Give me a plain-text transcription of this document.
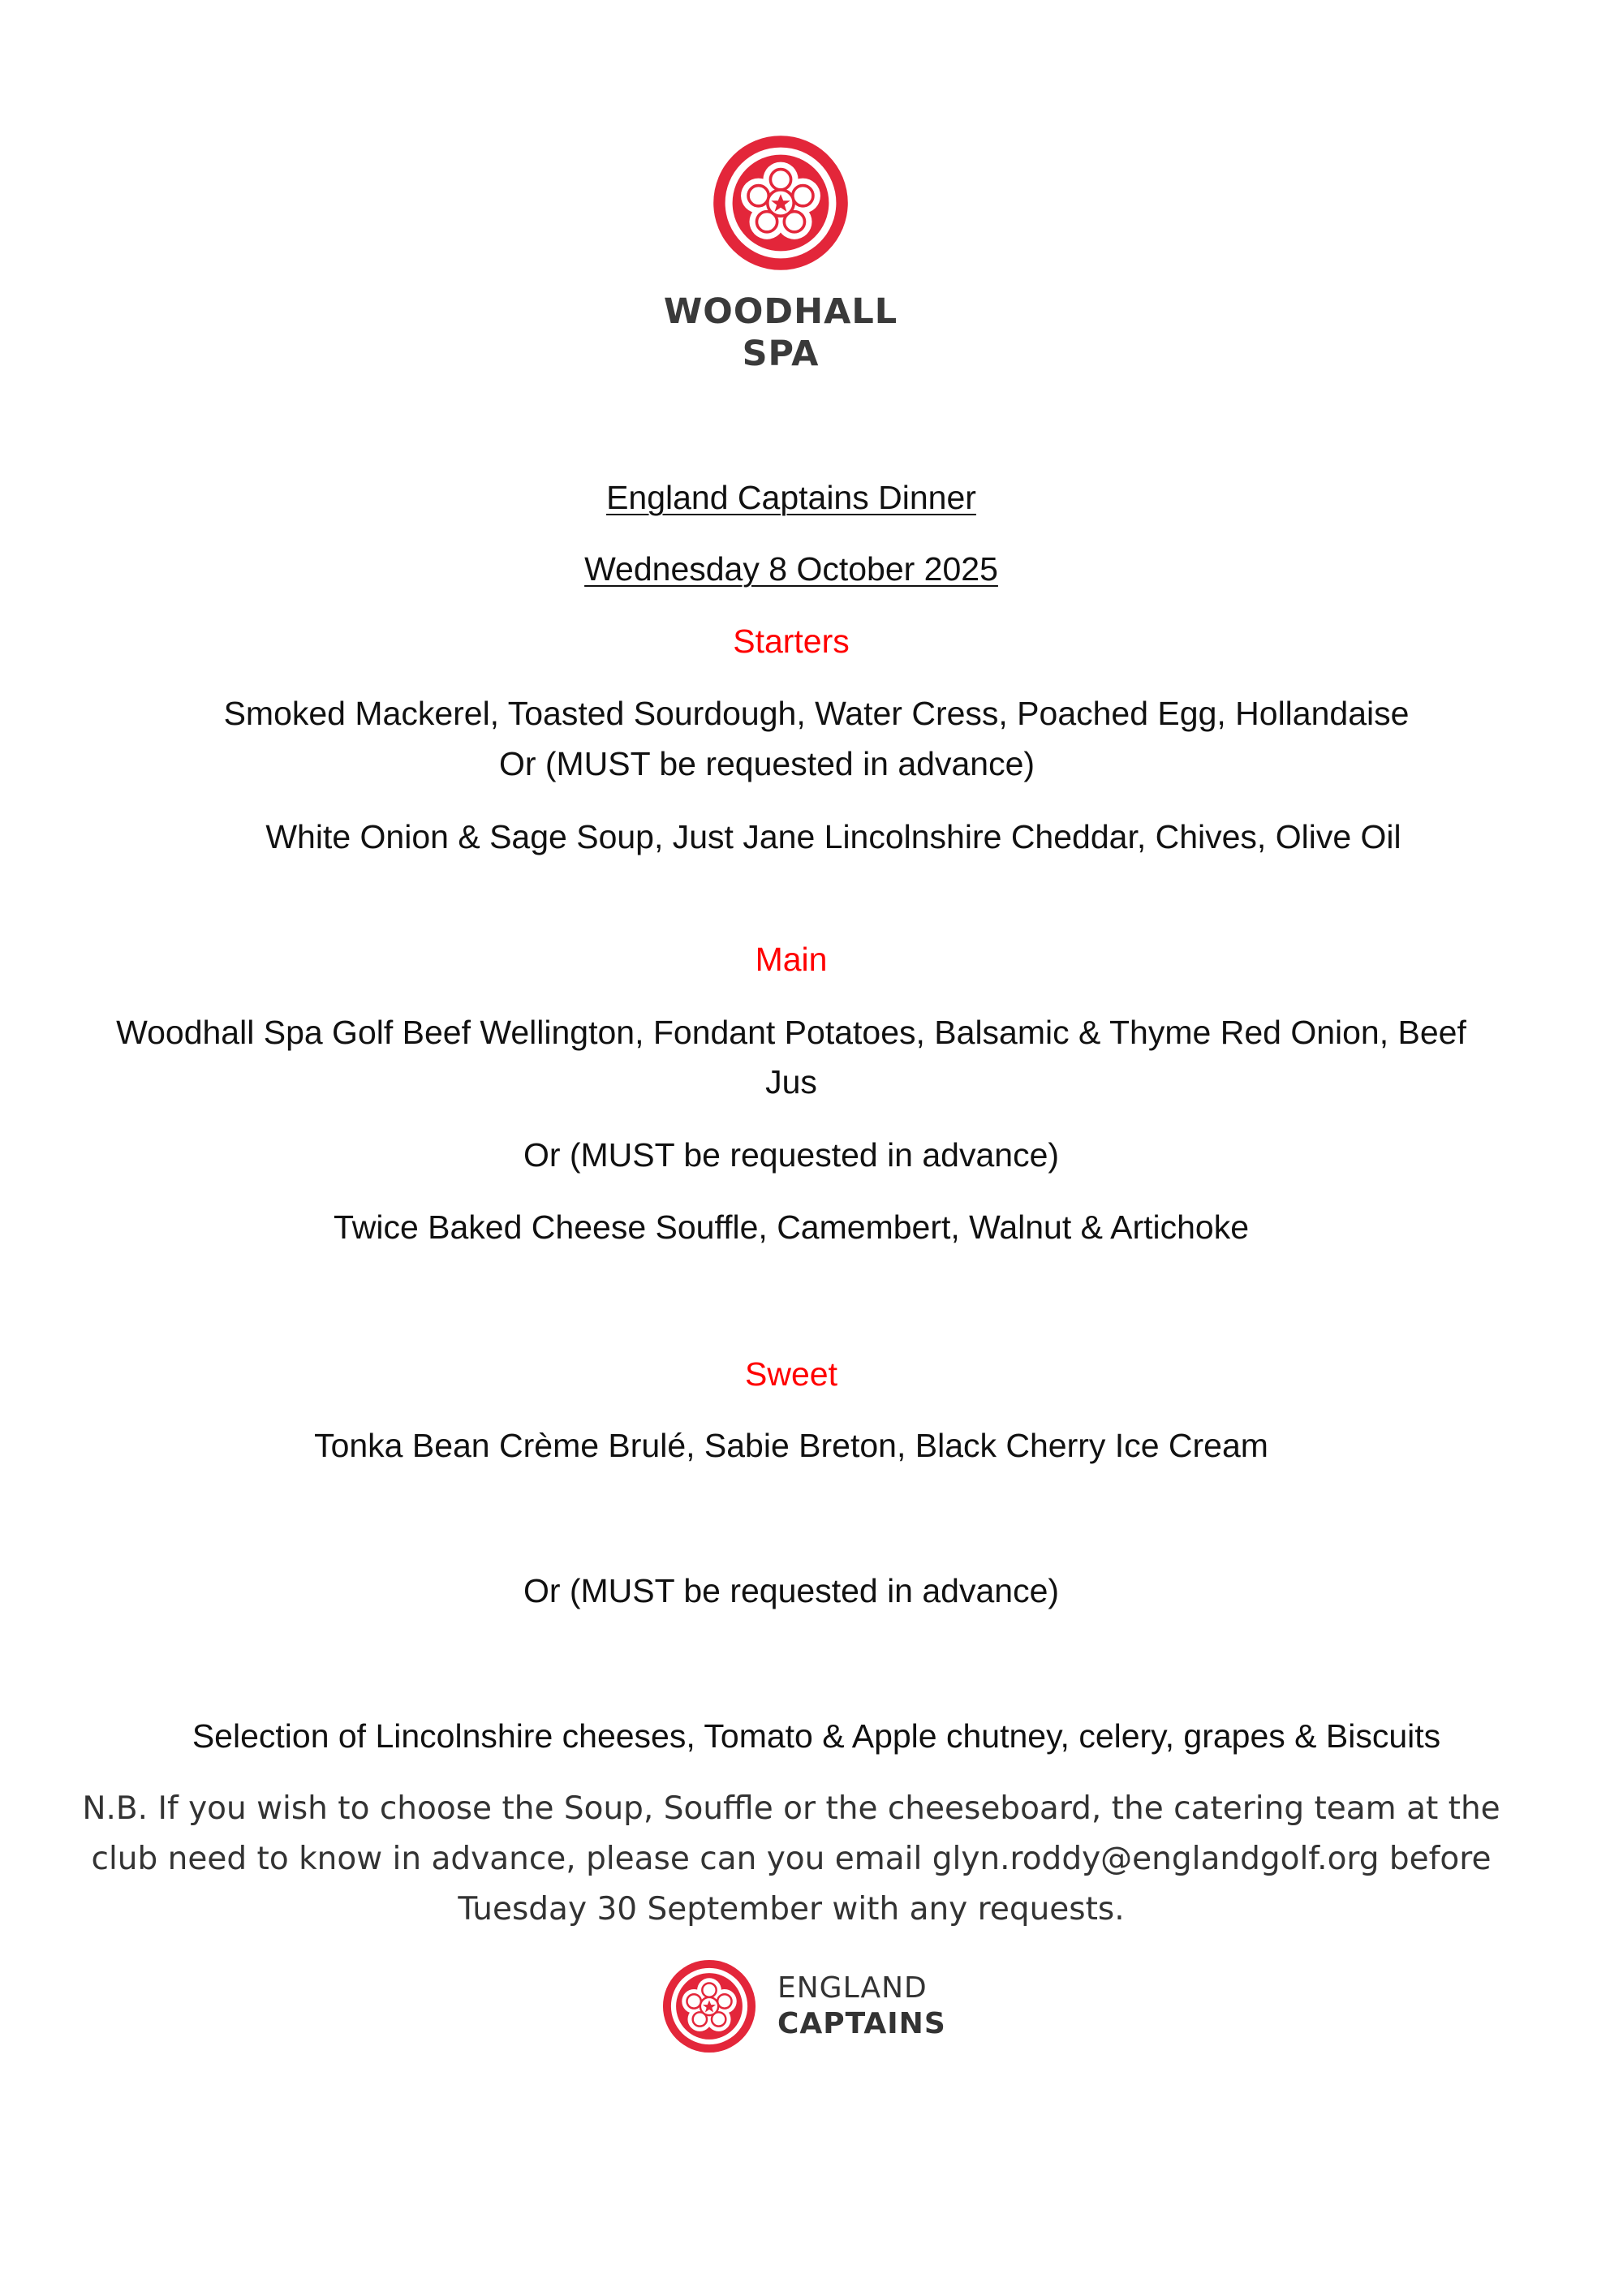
WOODHALL
SPA
England Captains Dinner
Wednesday 8 October 2025
Starters
Smoked Mackerel, Toasted Sourdough, Water Cress, Poached Egg, Hollandaise
Or (MUST be requested in advance)
White Onion & Sage Soup, Just Jane Lincolnshire Cheddar, Chives, Olive Oil
Main
Woodhall Spa Golf Beef Wellington, Fondant Potatoes, Balsamic & Thyme Red Onion, Beef
Jus
Or (MUST be requested in advance)
Twice Baked Cheese Souffle, Camembert, Walnut & Artichoke
Sweet
Tonka Bean Crème Brulé, Sabie Breton, Black Cherry Ice Cream
Or (MUST be requested in advance)
Selection of Lincolnshire cheeses, Tomato & Apple chutney, celery, grapes & Biscuits
N.B. If you wish to choose the Soup, Souffle or the cheeseboard, the catering team at the
club need to know in advance, please can you email glyn.roddy@englandgolf.org before
Tuesday 30 September with any requests.
ENGLAND
CAPTAINS
